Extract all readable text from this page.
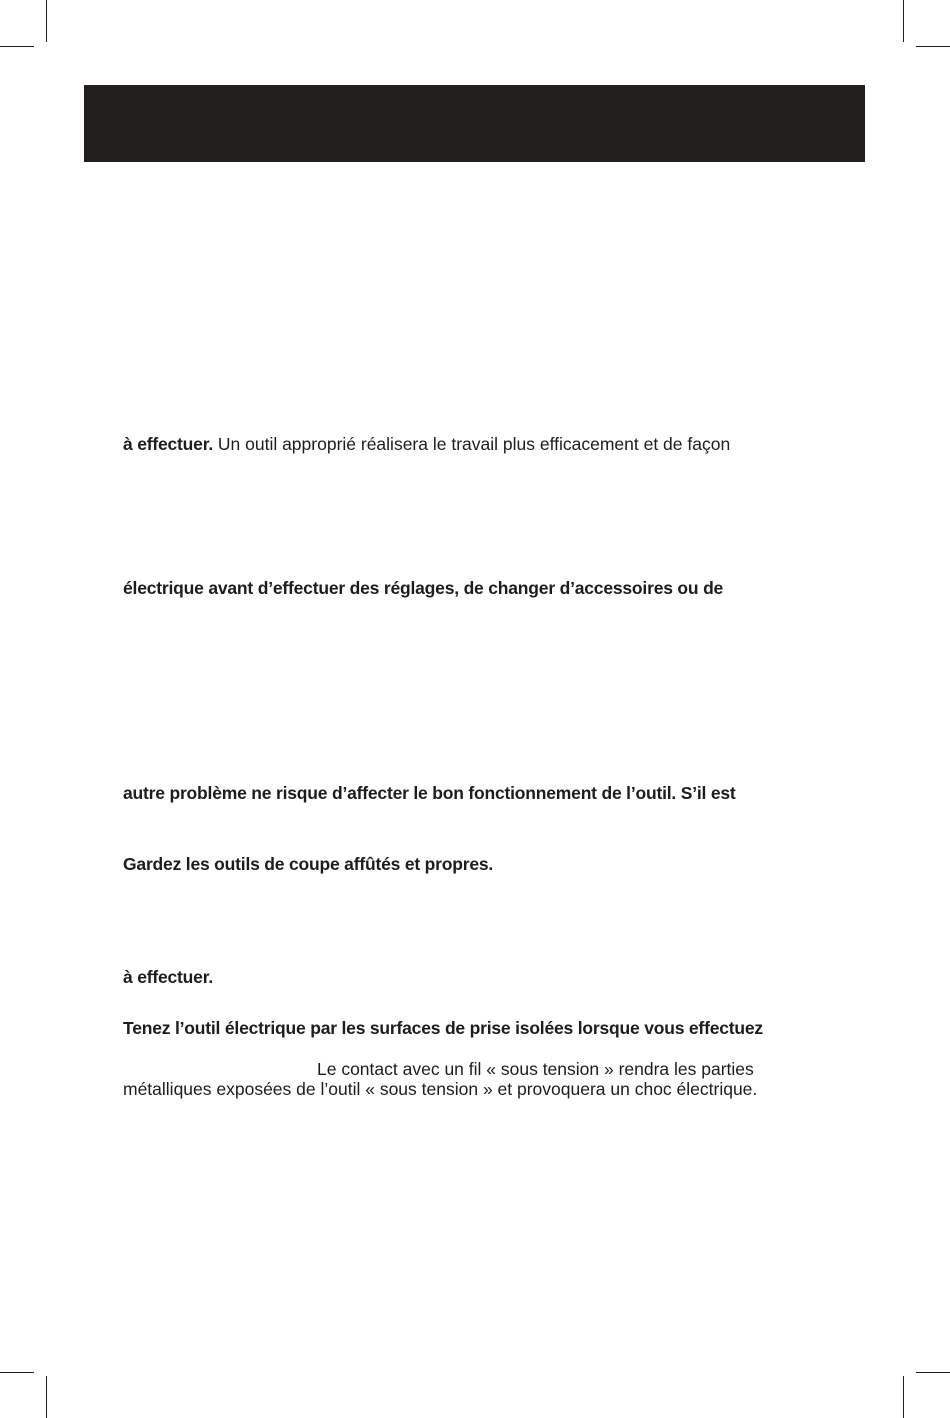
à effectuer. Un outil approprié réalisera le travail plus efficacement et de façon
électrique avant d’effectuer des réglages, de changer d’accessoires ou de
autre problème ne risque d’affecter le bon fonctionnement de l’outil. S’il est
Gardez les outils de coupe affûtés et propres.
à effectuer.
Tenez l’outil électrique par les surfaces de prise isolées lorsque vous effectuez
Le contact avec un fil « sous tension » rendra les parties
métalliques exposées de l’outil « sous tension » et provoquera un choc électrique.
